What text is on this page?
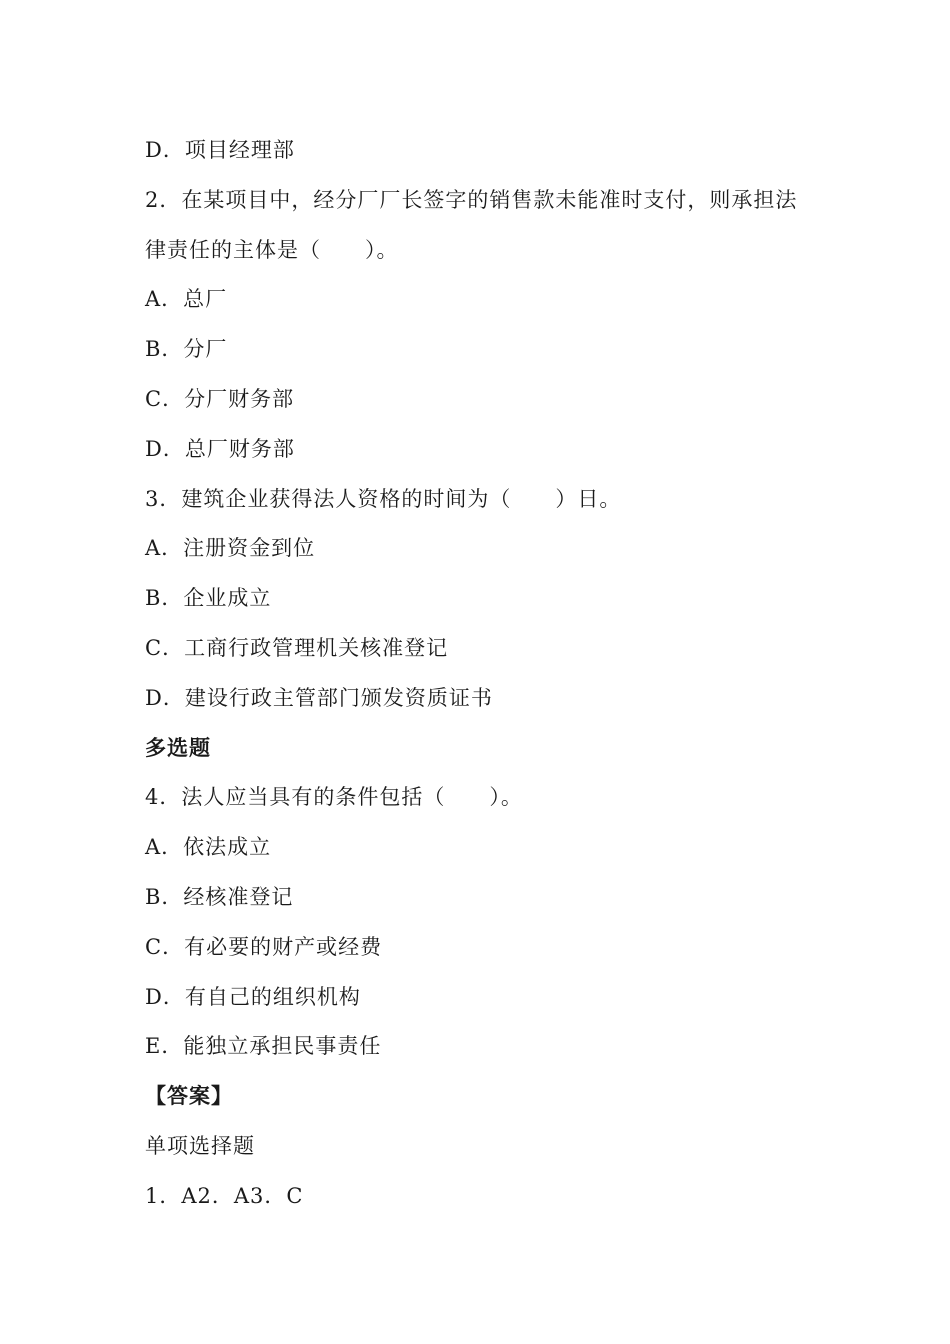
D．项目经理部
2．在某项目中，经分厂厂长签字的销售款未能准时支付，则承担法
律责任的主体是（　　）。
A．总厂
B．分厂
C．分厂财务部
D．总厂财务部
3．建筑企业获得法人资格的时间为（　　）日。
A．注册资金到位
B．企业成立
C．工商行政管理机关核准登记
D．建设行政主管部门颁发资质证书
多选题
4．法人应当具有的条件包括（　　）。
A．依法成立
B．经核准登记
C．有必要的财产或经费
D．有自己的组织机构
E．能独立承担民事责任
【答案】
单项选择题
1．A2．A3．C
